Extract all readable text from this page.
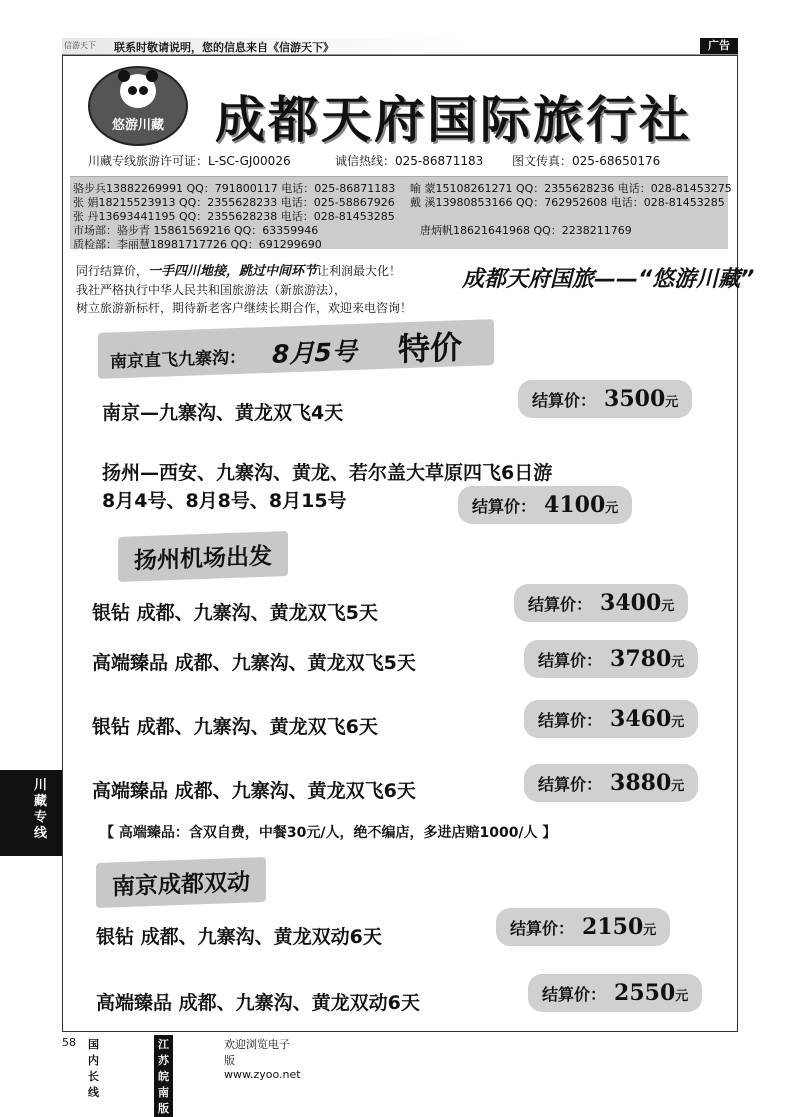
信游天下	联系时敬请说明，您的信息来自《信游天下》	广告
悠游川藏	成都天府国际旅行社
川藏专线旅游许可证：L-SC-GJ00026	诚信热线：025-86871183 图文传真：025-68650176
骆步兵13882269991 QQ：791800117 电话：025-86871183 喻 蒙15108261271 QQ：2355628236 电话：028-81453275
张 娟18215523913 QQ：2355628233 电话：025-58867926 戴 溪13980853166 QQ：762952608 电话：028-81453285
张 丹13693441195 QQ：2355628238 电话：028-81453285
市场部：骆步青 15861569216 QQ：63359946	唐炳帆18621641968 QQ：2238211769
质检部：李丽慧18981717726 QQ：691299690
同行结算价，一手四川地接，跳过中间环节让利润最大化！
我社严格执行中华人民共和国旅游法（新旅游法），
树立旅游新标杆，期待新老客户继续长期合作，欢迎来电咨询！
成都天府国旅——“悠游川藏”
南京直飞九寨沟： 8月5号 特价
南京—九寨沟、黄龙双飞4天
结算价： 3500元
扬州—西安、九寨沟、黄龙、若尔盖大草原四飞6日游
8月4号、8月8号、8月15号	结算价： 4100元
扬州机场出发
银钻 成都、九寨沟、黄龙双飞5天	结算价： 3400元
高端臻品 成都、九寨沟、黄龙双飞5天	结算价： 3780元
银钻 成都、九寨沟、黄龙双飞6天	结算价： 3460元
高端臻品 成都、九寨沟、黄龙双飞6天	结算价： 3880元
【 高端臻品：含双自费，中餐30元/人，绝不编店，多进店赔1000/人 】
南京成都双动
银钻 成都、九寨沟、黄龙双动6天	结算价： 2150元
高端臻品 成都、九寨沟、黄龙双动6天	结算价： 2550元
川藏专线
58 国内长线
江苏皖南版
欢迎浏览电子版 www.zyoo.net
